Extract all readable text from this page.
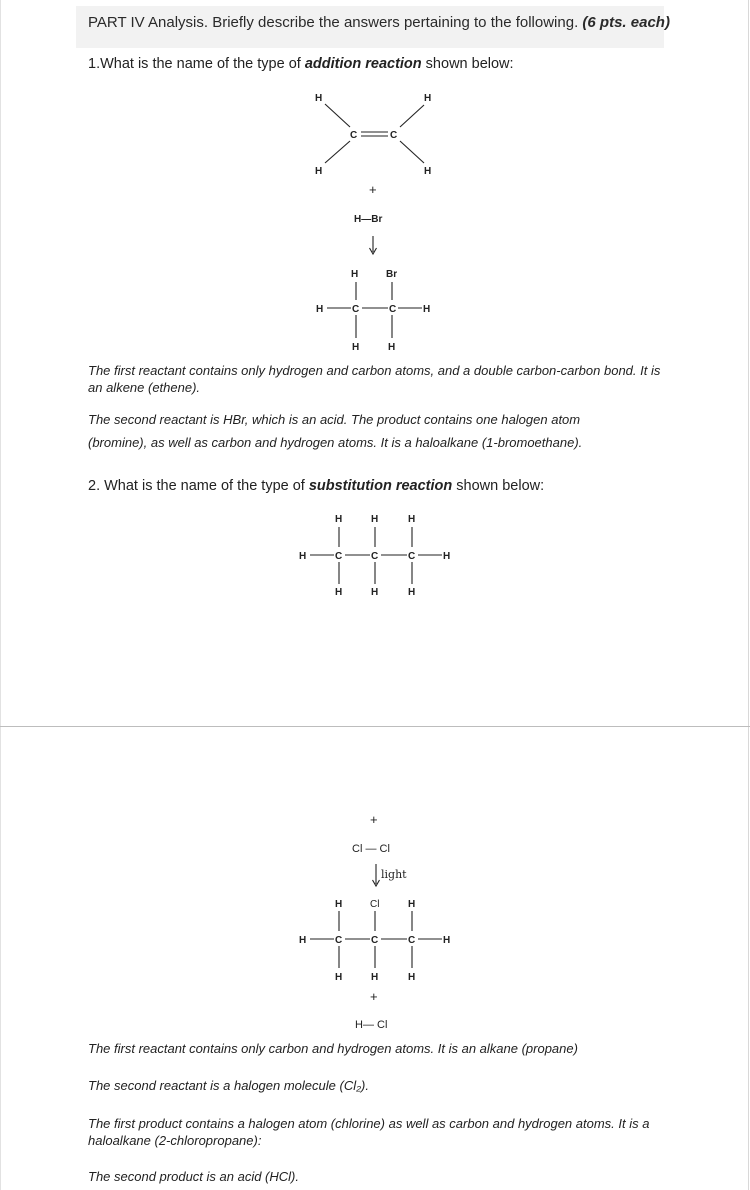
PART IV Analysis. Briefly describe the answers pertaining to the following. (6 pts. each)
1.What is the name of the type of addition reaction shown below:
H	H
H	H
C	C
+
H—Br
H	Br
H	C	C	H
H	H
H	H	H
H	C	C	C	H
H	H	H
+
Cl — Cl
light
H	Cl	H
H	C	C	C	H
H	H	H
+
H— Cl
The first reactant contains only hydrogen and carbon atoms, and a double carbon-carbon bond. It is an alkene (ethene).
The second reactant is HBr, which is an acid. The product contains one halogen atom
(bromine), as well as carbon and hydrogen atoms. It is a haloalkane (1-bromoethane).
2. What is the name of the type of substitution reaction shown below:
The first reactant contains only carbon and hydrogen atoms. It is an alkane (propane)
The second reactant is a halogen molecule (Cl₂).
The first product contains a halogen atom (chlorine) as well as carbon and hydrogen atoms. It is a haloalkane (2-chloropropane):
The second product is an acid (HCl).
